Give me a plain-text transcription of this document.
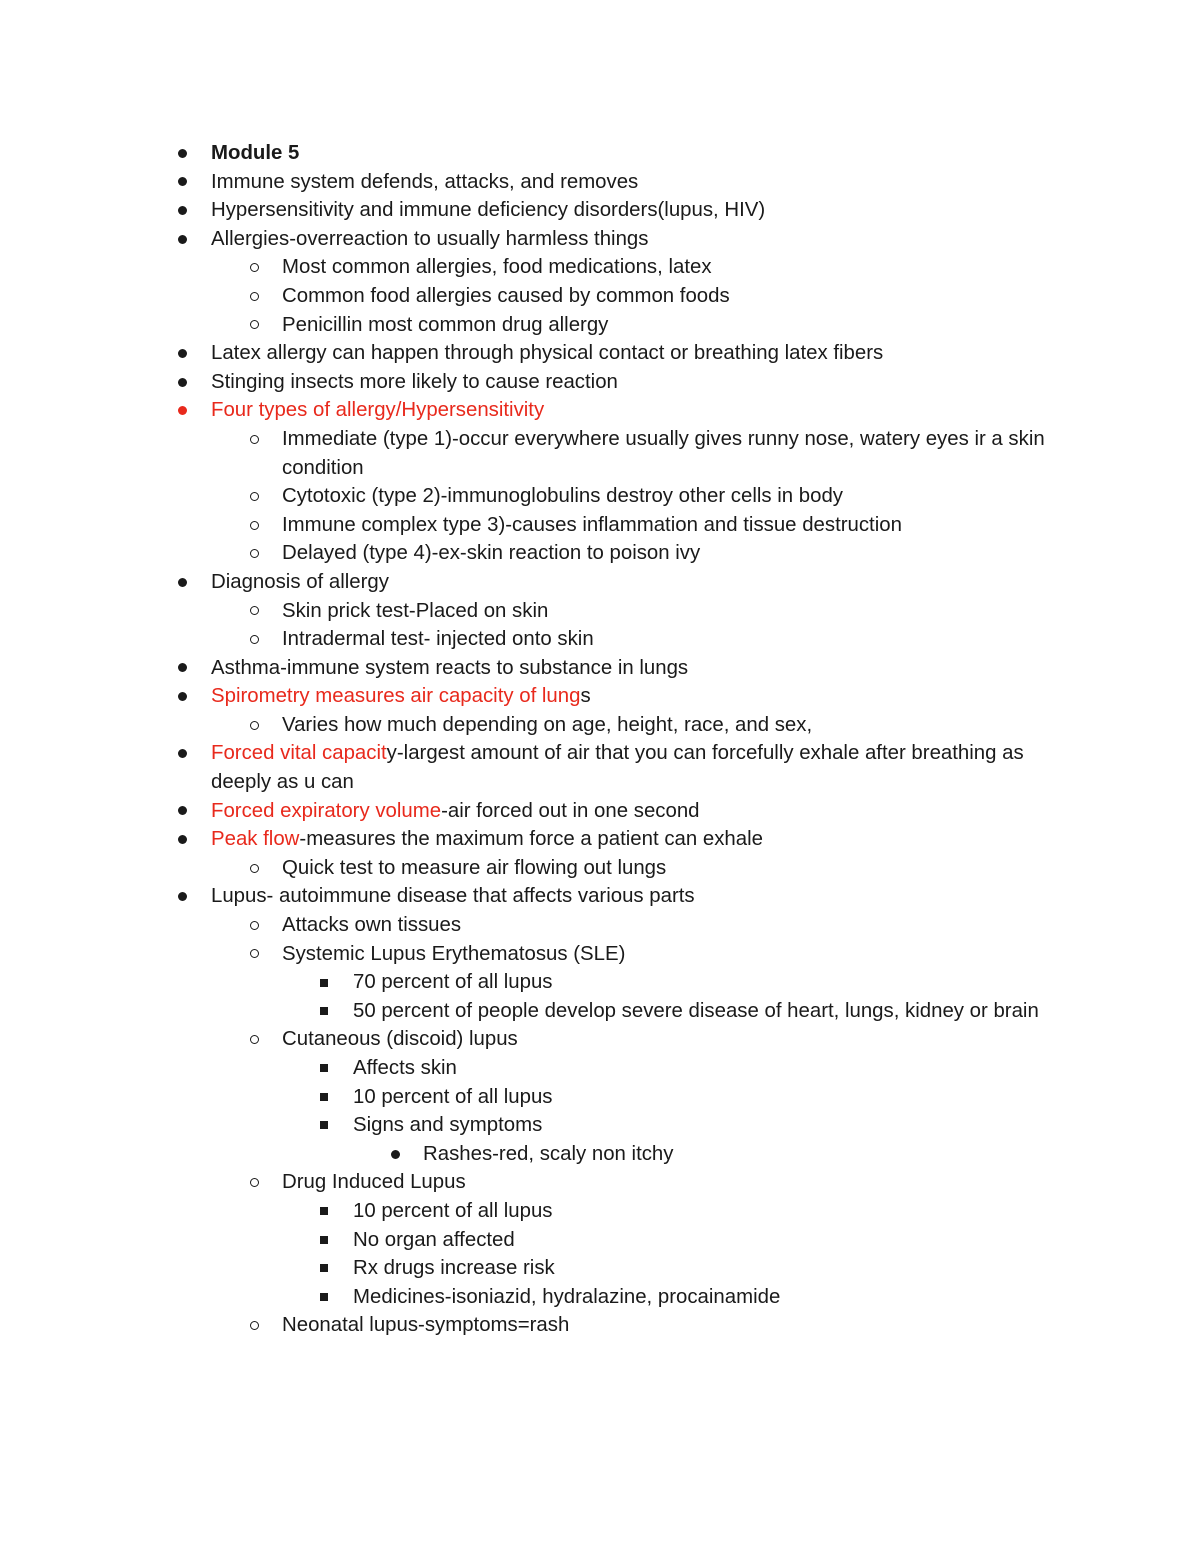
Module 5
Immune system defends, attacks, and removes
Hypersensitivity and immune deficiency disorders(lupus, HIV)
Allergies-overreaction to usually harmless things
Most common allergies, food medications, latex
Common food allergies caused by common foods
Penicillin most common drug allergy
Latex allergy can happen through physical contact or breathing latex fibers
Stinging insects more likely to cause reaction
Four types of allergy/Hypersensitivity
Immediate (type 1)-occur everywhere usually gives runny nose, watery eyes ir a skin condition
Cytotoxic (type 2)-immunoglobulins destroy other cells in body
Immune complex type 3)-causes inflammation and tissue destruction
Delayed (type 4)-ex-skin reaction to poison ivy
Diagnosis of allergy
Skin prick test-Placed on skin
Intradermal test- injected onto skin
Asthma-immune system reacts to substance in lungs
Spirometry measures air capacity of lungs
Varies how much depending on age, height, race, and sex,
Forced vital capacity-largest amount of air that you can forcefully exhale after breathing as deeply as u can
Forced expiratory volume-air forced out in one second
Peak flow-measures the maximum force a patient can exhale
Quick test to measure air flowing out lungs
Lupus- autoimmune disease that affects various parts
Attacks own tissues
Systemic Lupus Erythematosus (SLE)
70 percent of all lupus
50 percent of people develop severe disease of heart, lungs, kidney or brain
Cutaneous (discoid) lupus
Affects skin
10 percent of all lupus
Signs and symptoms
Rashes-red, scaly non itchy
Drug Induced Lupus
10 percent of all lupus
No organ affected
Rx drugs increase risk
Medicines-isoniazid, hydralazine, procainamide
Neonatal lupus-symptoms=rash
